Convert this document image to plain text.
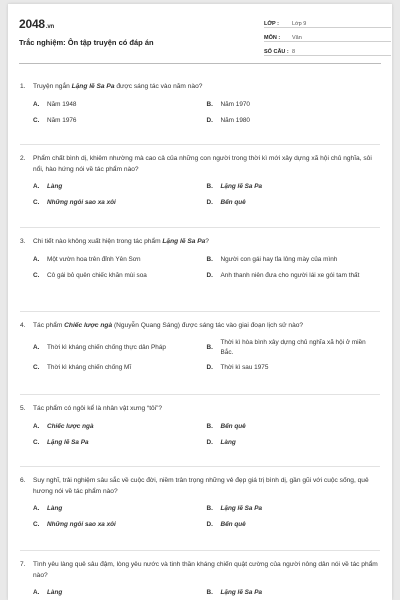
2048.vn
Trắc nghiệm: Ôn tập truyện có đáp án
LỚP :	Lớp 9
MÔN :	Văn
SỐ CÂU : 8
1.	Truyện ngắn Lặng lẽ Sa Pa được sáng tác vào năm nào?
A.	Năm 1948	B.	Năm 1970
C.	Năm 1976	D.	Năm 1980
2.	Phẩm chất bình dị, khiêm nhường mà cao cả của những con người trong thời kì mới xây dựng xã hội chủ nghĩa, sôi nổi, hào hứng nói về tác phẩm nào?
A.	Làng	B.	Lặng lẽ Sa Pa
C.	Những ngôi sao xa xôi	D.	Bến quê
3.	Chi tiết nào không xuất hiện trong tác phẩm Lặng lẽ Sa Pa?
A.	Một vườn hoa trên đỉnh Yên Sơn	B.	Người con gái hay tỉa lông mày của mình
C.	Cô gái bỏ quên chiếc khăn mùi soa	D.	Anh thanh niên đưa cho người lái xe gói tam thất
4.	Tác phẩm Chiếc lược ngà (Nguyễn Quang Sáng) được sáng tác vào giai đoạn lịch sử nào?
A.	Thời kì kháng chiến chống thực dân Pháp	B.
Thời kì hòa bình xây dựng chủ nghĩa xã hội ở miền Bắc.
C.	Thời kì kháng chiến chống Mĩ	D.	Thời kì sau 1975
5.	Tác phẩm có ngôi kể là nhân vật xưng “tôi”?
A.	Chiếc lược ngà	B.	Bến quê
C.	Lặng lẽ Sa Pa	D.	Làng
6.	Suy nghĩ, trải nghiệm sâu sắc về cuộc đời, niềm trân trọng những vẻ đẹp giá trị bình dị, gần gũi với cuộc sống, quê hương nói về tác phẩm nào?
A.	Làng	B.	Lặng lẽ Sa Pa
C.	Những ngôi sao xa xôi	D.	Bến quê
7.	Tình yêu làng quê sâu đậm, lòng yêu nước và tinh thần kháng chiến quật cường của người nông dân nói về tác phẩm nào?
A.	Làng	B.	Lặng lẽ Sa Pa
